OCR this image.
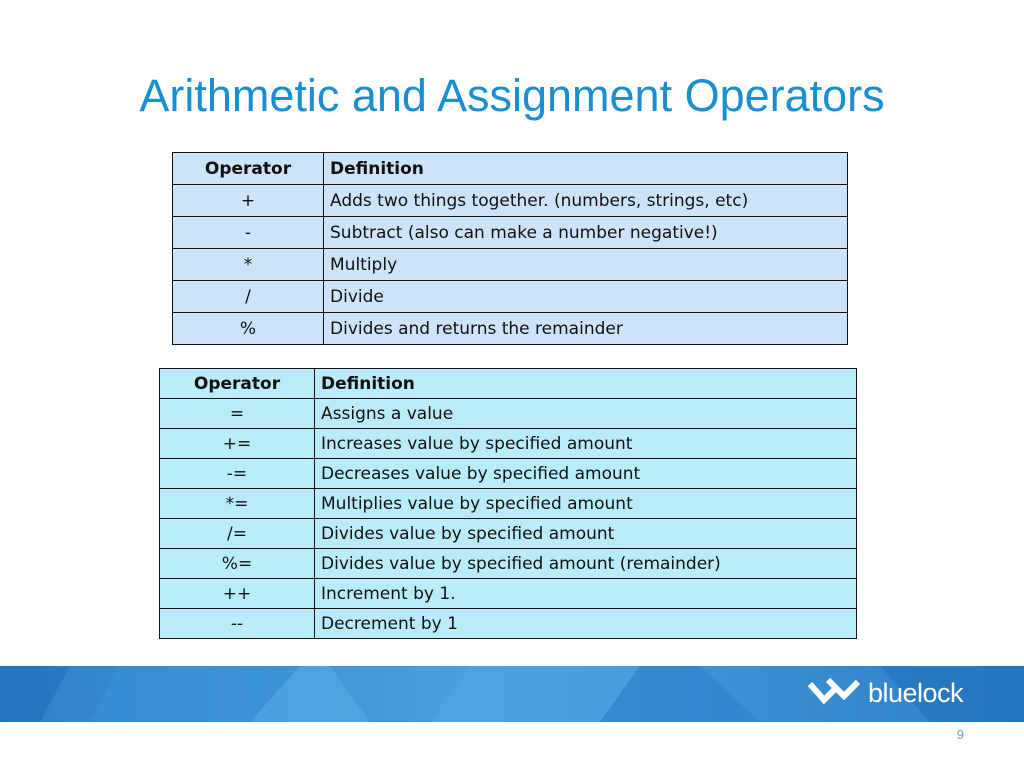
Arithmetic and Assignment Operators
Operator	Definition
+	Adds two things together. (numbers, strings, etc)
-	Subtract (also can make a number negative!)
*	Multiply
/	Divide
%	Divides and returns the remainder
Operator	Definition
=	Assigns a value
+=	Increases value by specified amount
-=	Decreases value by specified amount
*=	Multiplies value by specified amount
/=	Divides value by specified amount
%=	Divides value by specified amount (remainder)
++	Increment by 1.
--	Decrement by 1
bluelock
9
